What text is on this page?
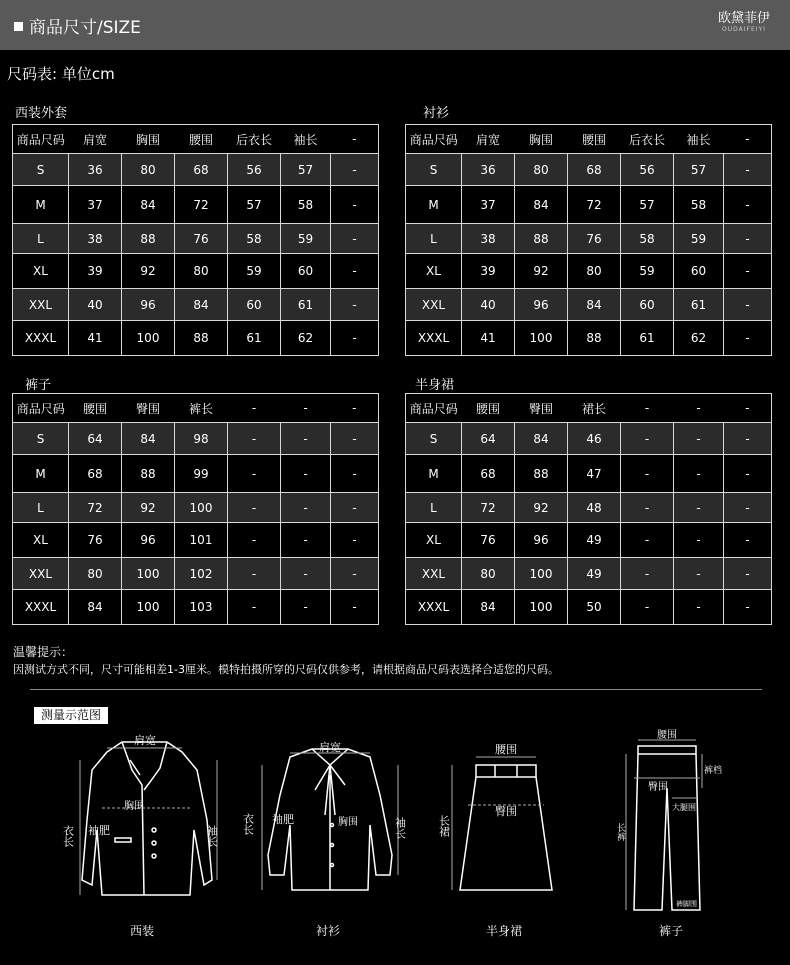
商品尺寸/SIZE	欧黛菲伊
OUDAIFEIYI
尺码表: 单位cm
西装外套	衬衫
裤子	半身裙
商品尺码	肩宽	胸围	腰围	后衣长	袖长	-
S	36	80	68	56	57	-
M	37	84	72	57	58	-
L	38	88	76	58	59	-
XL	39	92	80	59	60	-
XXL	40	96	84	60	61	-
XXXL	41	100	88	61	62	-
商品尺码	肩宽	胸围	腰围	后衣长	袖长	-
S	36	80	68	56	57	-
M	37	84	72	57	58	-
L	38	88	76	58	59	-
XL	39	92	80	59	60	-
XXL	40	96	84	60	61	-
XXXL	41	100	88	61	62	-
商品尺码	腰围	臀围	裤长	-	-	-
S	64	84	98	-	-	-
M	68	88	99	-	-	-
L	72	92	100	-	-	-
XL	76	96	101	-	-	-
XXL	80	100	102	-	-	-
XXXL	84	100	103	-	-	-
商品尺码	腰围	臀围	裙长	-	-	-
S	64	84	46	-	-	-
M	68	88	47	-	-	-
L	72	92	48	-	-	-
XL	76	96	49	-	-	-
XXL	80	100	49	-	-	-
XXXL	84	100	50	-	-	-
温馨提示：
因测试方式不同，尺寸可能相差1-3厘米。模特拍摄所穿的尺码仅供参考，请根据商品尺码表选择合适您的尺码。
测量示范图
肩宽
胸围
袖肥
衣长	袖长
西装
肩宽
胸围
袖肥
衣长	袖长
衬衫
腰围
臀围
长裙
半身裙
腰围
臀围
裤档
大腿围
长裤
裤脚围
裤子
